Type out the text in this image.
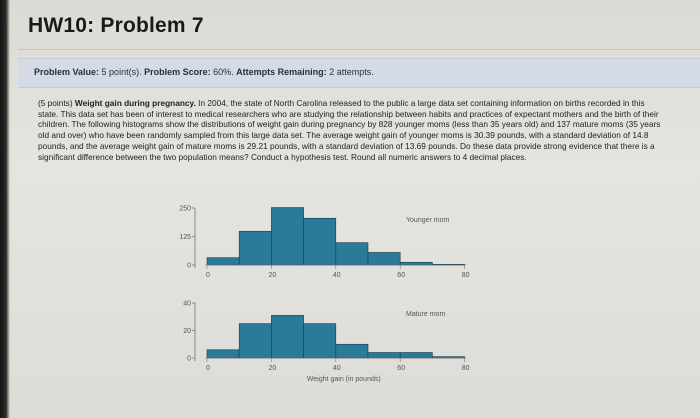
HW10: Problem 7
Problem Value: 5 point(s). Problem Score: 60%. Attempts Remaining: 2 attempts.
(5 points) Weight gain during pregnancy. In 2004, the state of North Carolina released to the public a large data set containing information on births recorded in this state. This data set has been of interest to medical researchers who are studying the relationship between habits and practices of expectant mothers and the birth of their children. The following histograms show the distributions of weight gain during pregnancy by 828 younger moms (less than 35 years old) and 137 mature moms (35 years old and over) who have been randomly sampled from this large data set. The average weight gain of younger moms is 30.39 pounds, with a standard deviation of 14.8 pounds, and the average weight gain of mature moms is 29.21 pounds, with a standard deviation of 13.69 pounds. Do these data provide strong evidence that there is a significant difference between the two population means? Conduct a hypothesis test. Round all numeric answers to 4 decimal places.
0
125
250
0	20	40	60	80
Younger mom
0
20
40
0	20	40	60	80
Mature mom
Weight gain (in pounds)
